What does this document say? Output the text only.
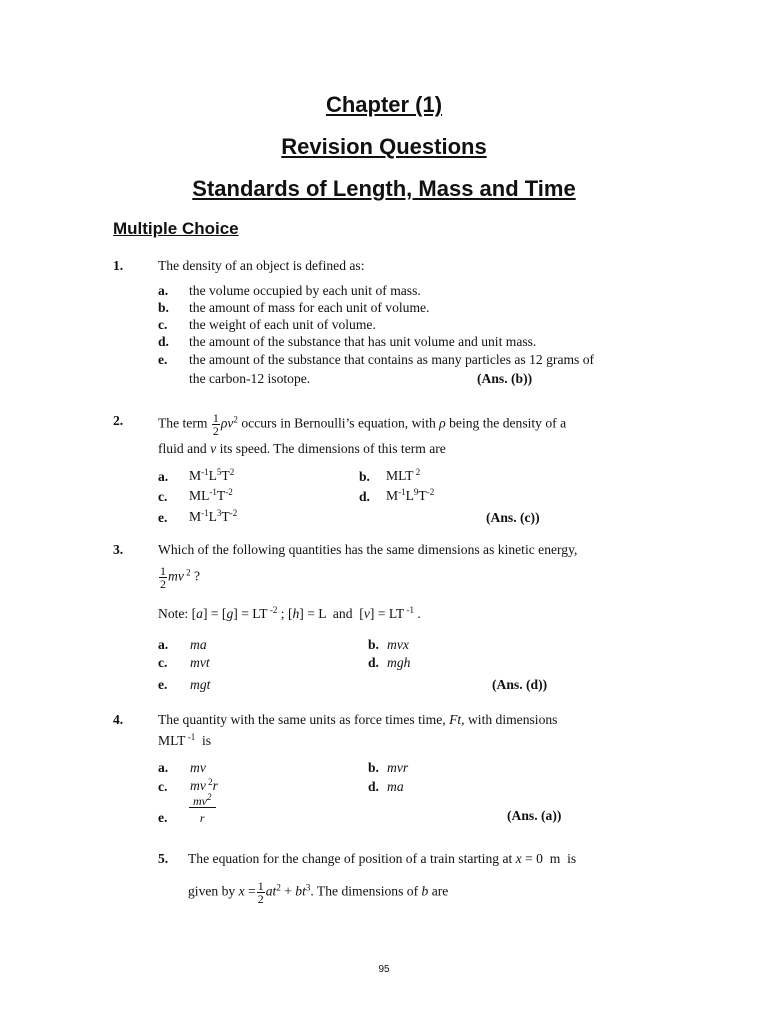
Chapter (1)
Revision Questions
Standards of Length, Mass and Time
Multiple Choice
1.	The density of an object is defined as:
a. the volume occupied by each unit of mass.
b. the amount of mass for each unit of volume.
c. the weight of each unit of volume.
d. the amount of the substance that has unit volume and unit mass.
e. the amount of the substance that contains as many particles as 12 grams of
the carbon-12 isotope.	(Ans. (b))
2.	The term $\frac{1}{2} \rho v^2$ occurs in Bernoulli’s equation, with ρ being the density of a
fluid and v its speed. The dimensions of this term are
a. $M^{-1}L^5T^2$	b. MLT $^2$
c. $ML^{-1}T^{-2}$	d. $M^{-1}L^9T^{-2}$
e. $M^{-1}L^3T^{-2}$	(Ans. (c))
3.	Which of the following quantities has the same dimensions as kinetic energy,
$\frac{1}{2}$ mv $^2$ ?
Note: [a] = [g] = LT $^{-2}$ ; [h] = L  and  [v] = LT $^{-1}$ .
a. ma	b. mvx
c. mvt	d. mgh
e. mgt	(Ans. (d))
4.	The quantity with the same units as force times time, Ft, with dimensions
MLT $^{-1}$ is
a. mv	b. mvr
c. mv $^2$r	d. ma
e. $\frac{mv^2}{r}$	(Ans. (a))
5. The equation for the change of position of a train starting at x = 0  m  is
given by $x = \frac{1}{2} at^2 + bt^3$. The dimensions of b are
95
